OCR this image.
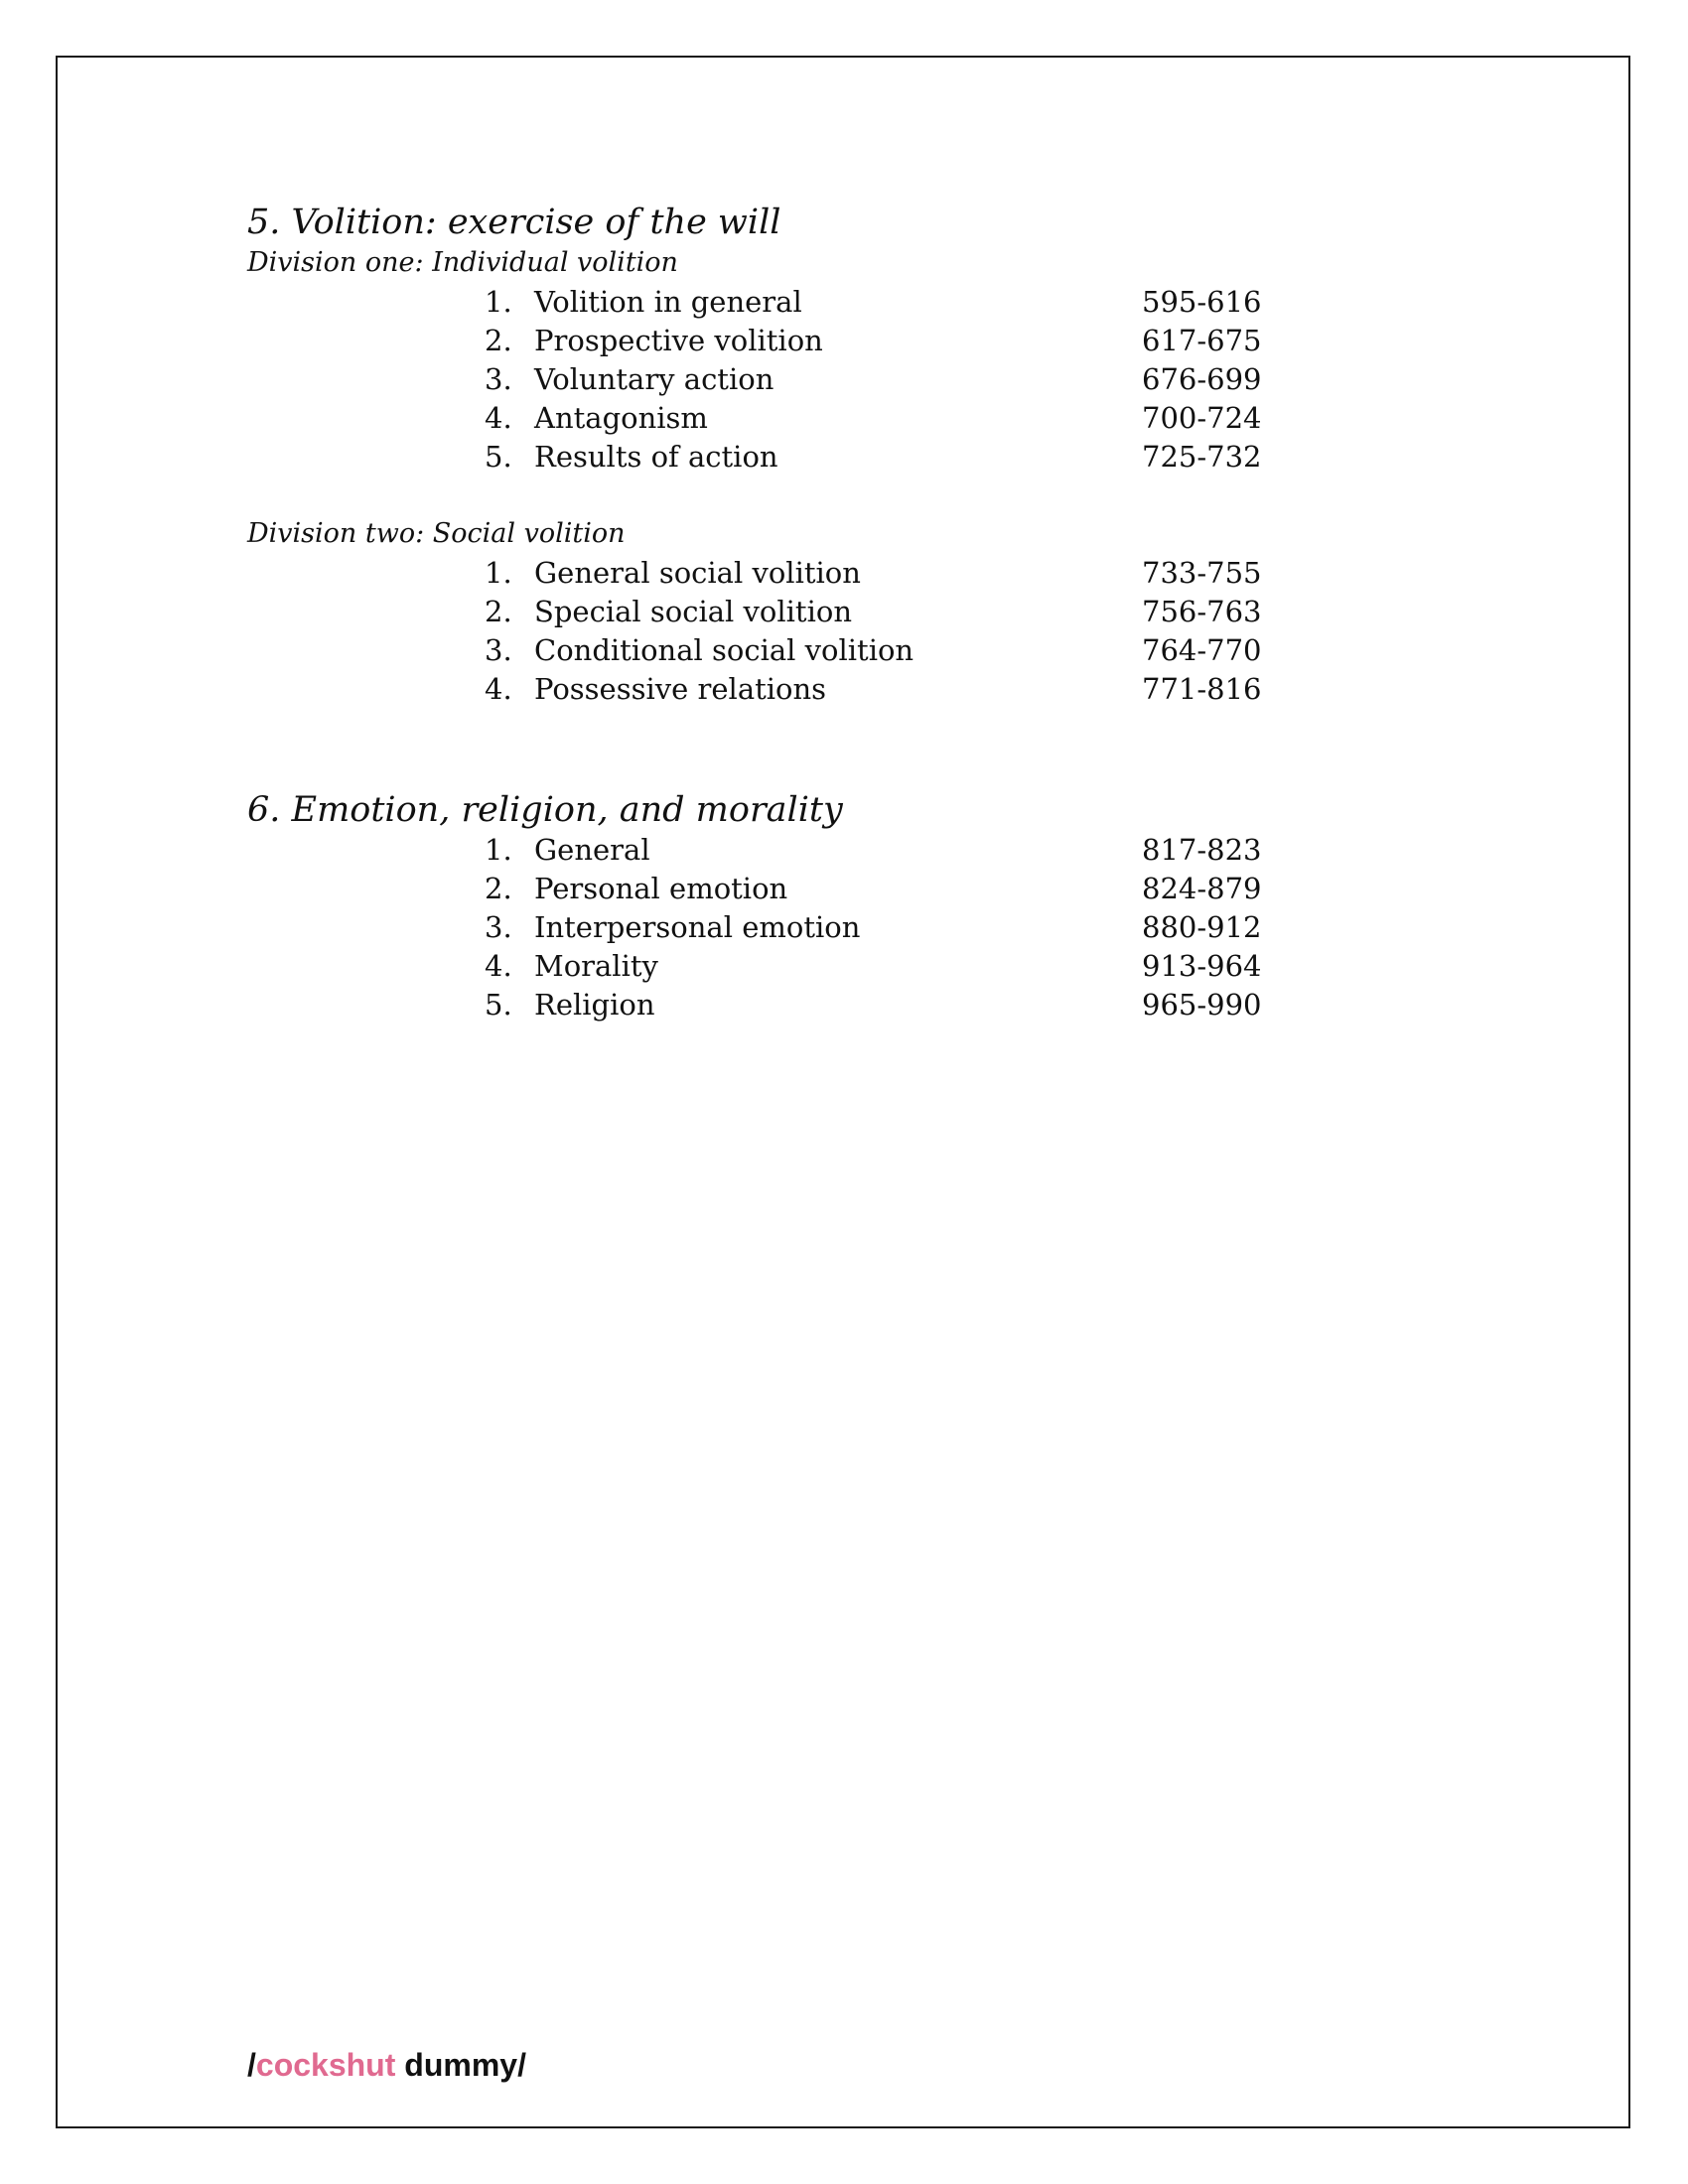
5. Volition: exercise of the will
Division one: Individual volition
1. Volition in general	595-616
2. Prospective volition	617-675
3. Voluntary action	676-699
4. Antagonism	700-724
5. Results of action	725-732
Division two: Social volition
1. General social volition	733-755
2. Special social volition	756-763
3. Conditional social volition	764-770
4. Possessive relations	771-816
6. Emotion, religion, and morality
1. General	817-823
2. Personal emotion	824-879
3. Interpersonal emotion	880-912
4. Morality	913-964
5. Religion	965-990
/cockshut dummy/
